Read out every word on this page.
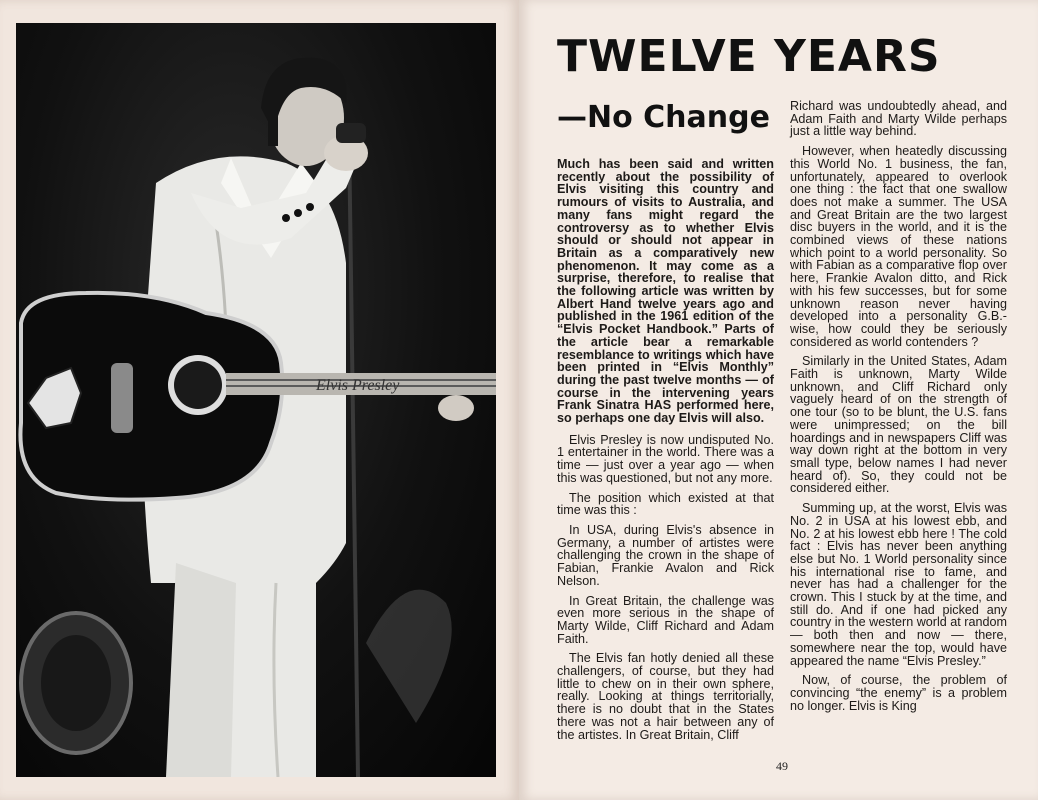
Elvis Presley
TWELVE YEARS
—No Change

Much has been said and written recently about the possibility of Elvis visiting this country and rumours of visits to Australia, and many fans might regard the controversy as to whether Elvis should or should not appear in Britain as a comparatively new phenomenon. It may come as a surprise, therefore, to realise that the following article was written by Albert Hand twelve years ago and published in the 1961 edition of the “Elvis Pocket Handbook.” Parts of the article bear a remarkable resemblance to writings which have been printed in “Elvis Monthly” during the past twelve months — of course in the intervening years Frank Sinatra HAS performed here, so perhaps one day Elvis will also.

Elvis Presley is now undisputed No. 1 entertainer in the world. There was a time — just over a year ago — when this was questioned, but not any more.

The position which existed at that time was this :

In USA, during Elvis's absence in Germany, a number of artistes were challenging the crown in the shape of Fabian, Frankie Avalon and Rick Nelson.

In Great Britain, the challenge was even more serious in the shape of Marty Wilde, Cliff Richard and Adam Faith.

The Elvis fan hotly denied all these challengers, of course, but they had little to chew on in their own sphere, really. Looking at things territorially, there is no doubt that in the States there was not a hair between any of the artistes. In Great Britain, Cliff

Richard was undoubtedly ahead, and Adam Faith and Marty Wilde perhaps just a little way behind.

However, when heatedly discussing this World No. 1 business, the fan, unfortunately, appeared to overlook one thing : the fact that one swallow does not make a summer. The USA and Great Britain are the two largest disc buyers in the world, and it is the combined views of these nations which point to a world personality. So with Fabian as a comparative flop over here, Frankie Avalon ditto, and Rick with his few successes, but for some unknown reason never having developed into a personality G.B.-wise, how could they be seriously considered as world contenders ?

Similarly in the United States, Adam Faith is unknown, Marty Wilde unknown, and Cliff Richard only vaguely heard of on the strength of one tour (so to be blunt, the U.S. fans were unimpressed; on the bill hoardings and in newspapers Cliff was way down right at the bottom in very small type, below names I had never heard of). So, they could not be considered either.

Summing up, at the worst, Elvis was No. 2 in USA at his lowest ebb, and No. 2 at his lowest ebb here ! The cold fact : Elvis has never been anything else but No. 1 World personality since his international rise to fame, and never has had a challenger for the crown. This I stuck by at the time, and still do. And if one had picked any country in the western world at random — both then and now — there, somewhere near the top, would have appeared the name “Elvis Presley.”

Now, of course, the problem of convincing “the enemy” is a problem no longer. Elvis is King

49
